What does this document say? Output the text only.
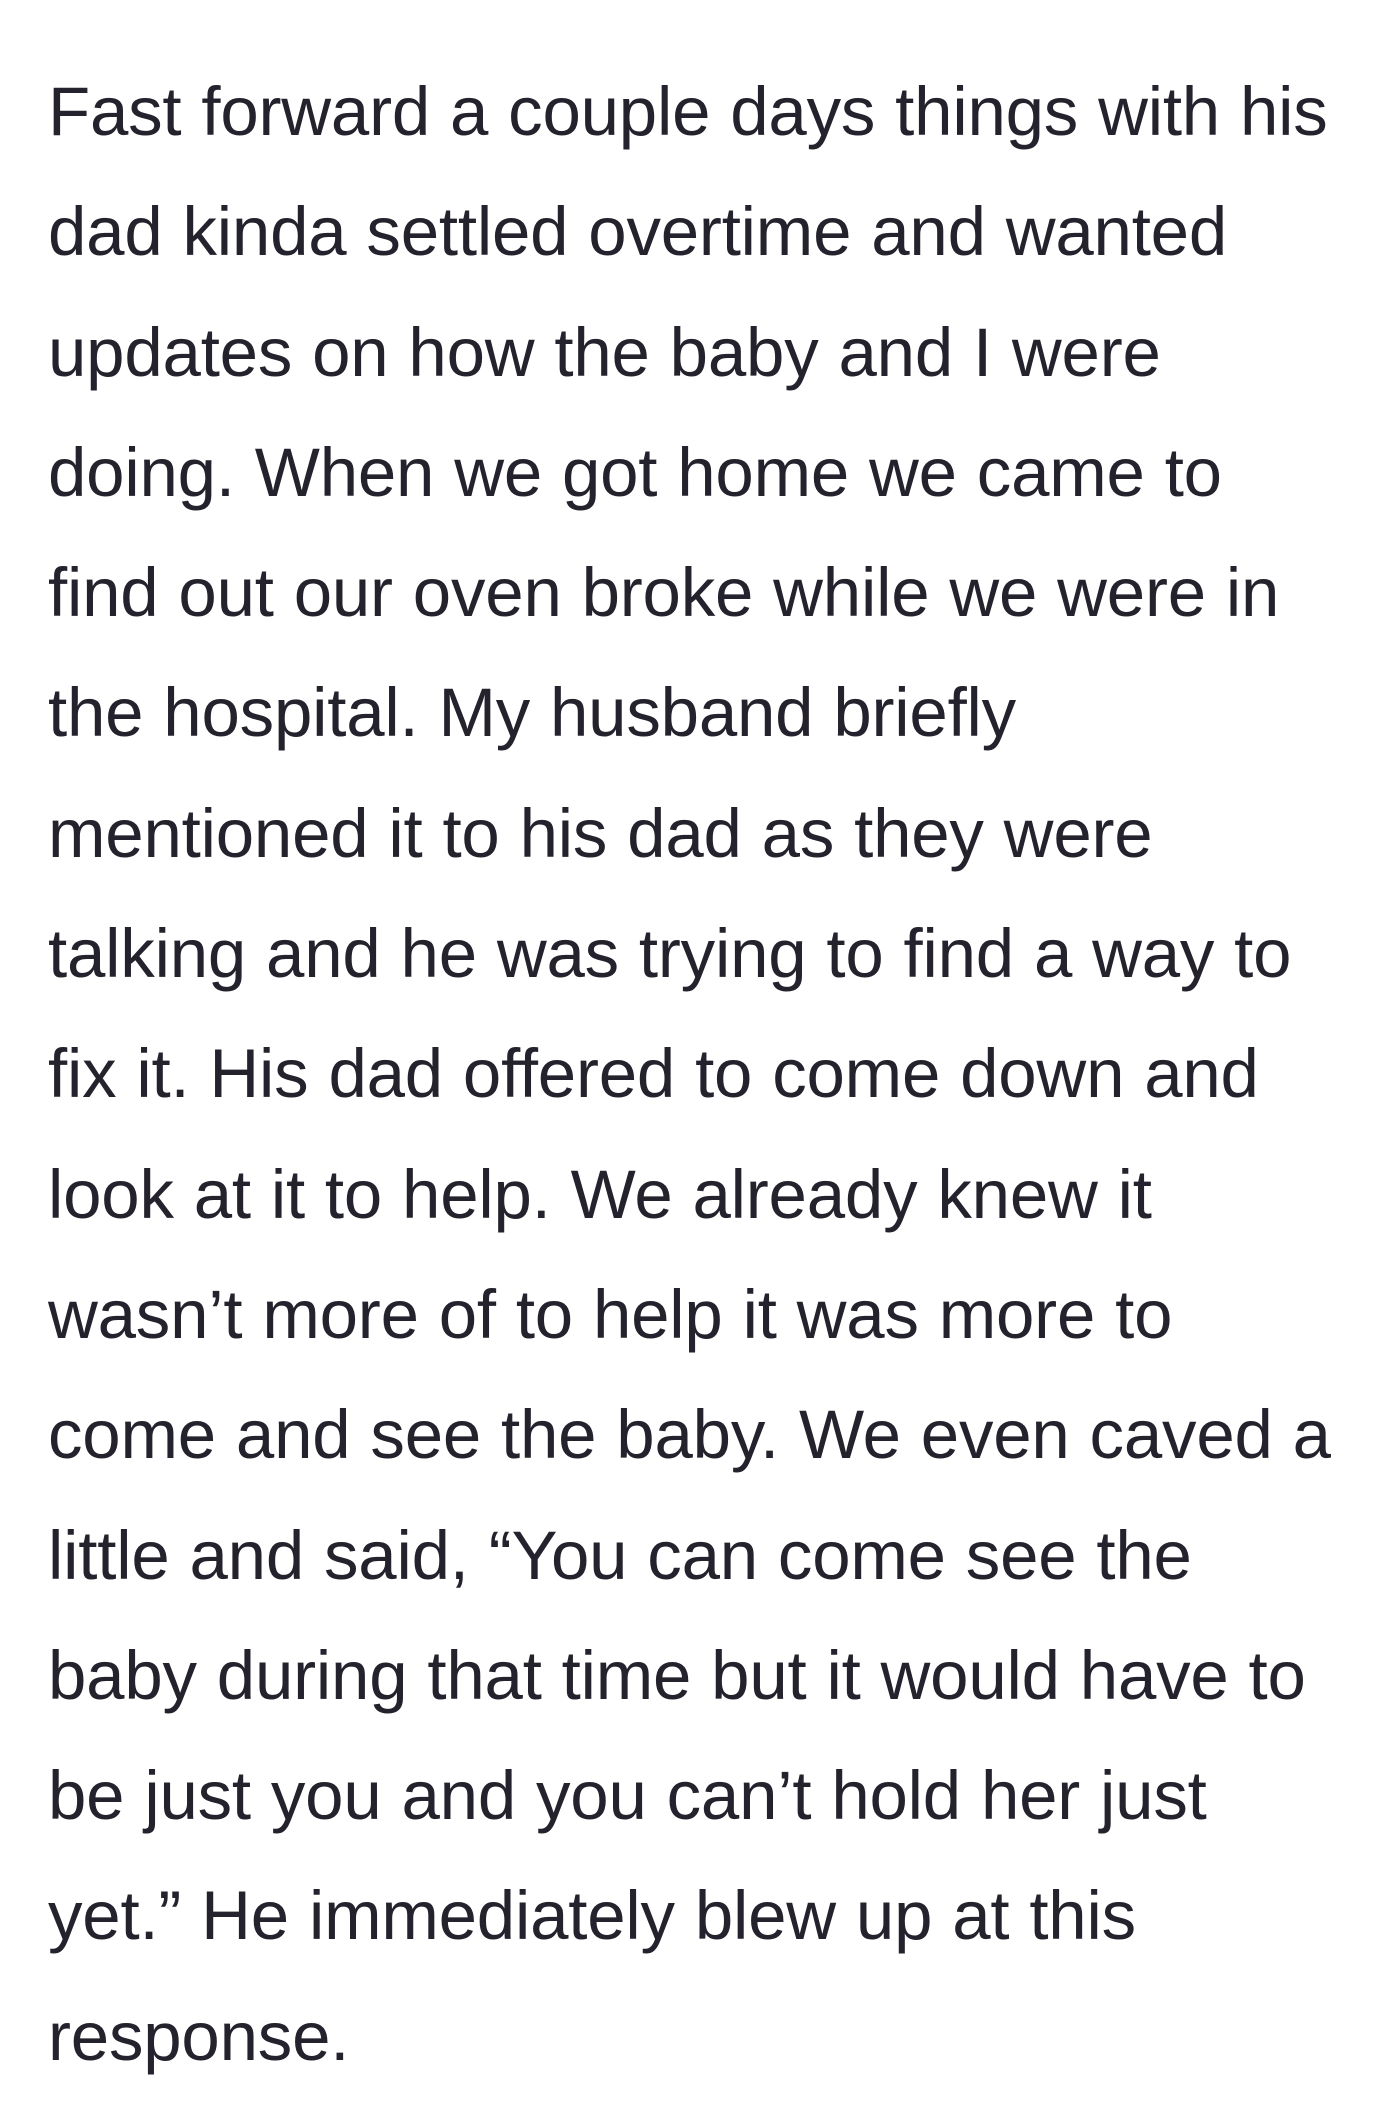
Fast forward a couple days things with his
dad kinda settled overtime and wanted
updates on how the baby and I were
doing. When we got home we came to
find out our oven broke while we were in
the hospital. My husband briefly
mentioned it to his dad as they were
talking and he was trying to find a way to
fix it. His dad offered to come down and
look at it to help. We already knew it
wasn’t more of to help it was more to
come and see the baby. We even caved a
little and said, “You can come see the
baby during that time but it would have to
be just you and you can’t hold her just
yet.” He immediately blew up at this
response.
